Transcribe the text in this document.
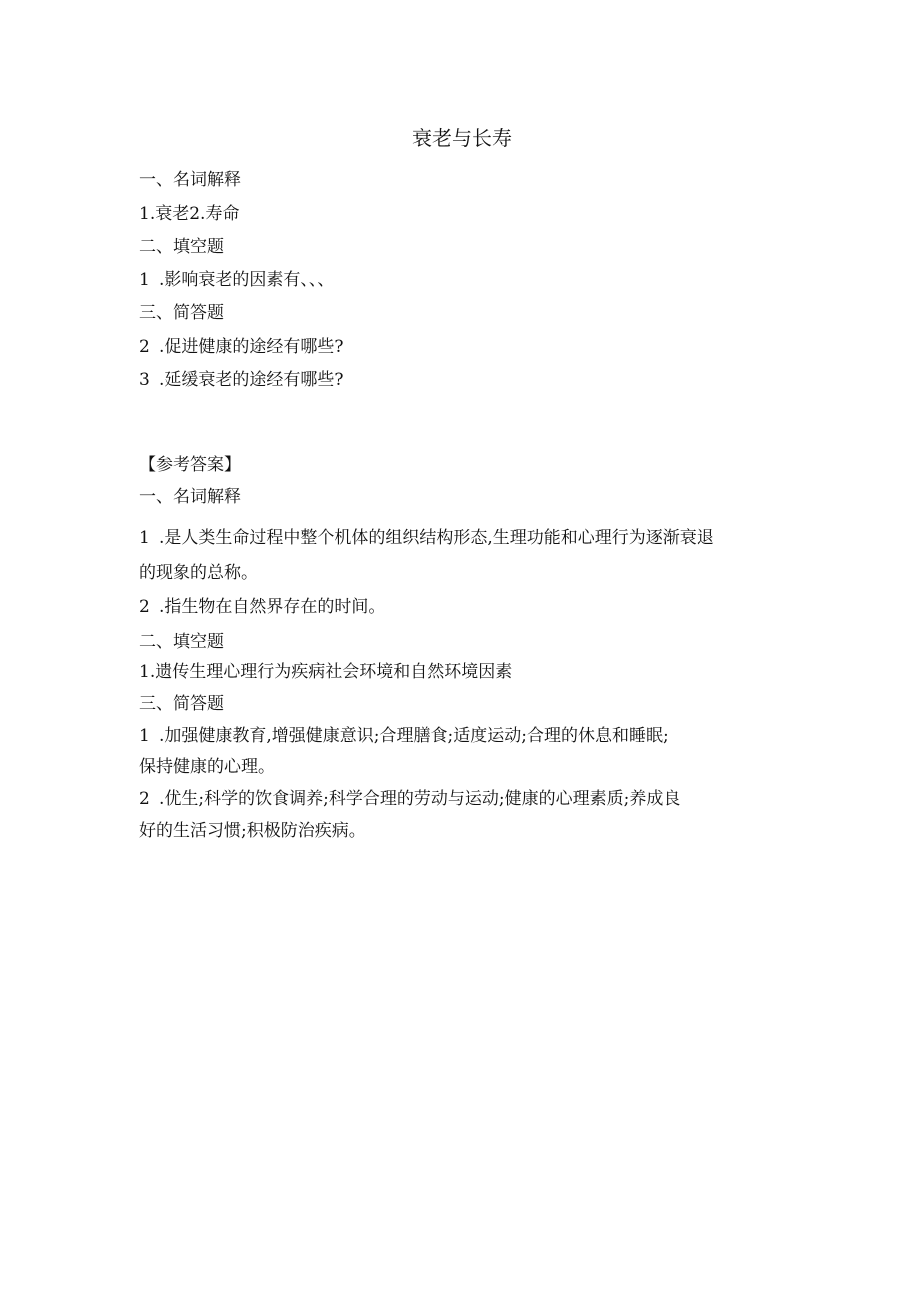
衰老与长寿
一、名词解释
1.衰老2.寿命
二、填空题
1 .影响衰老的因素有、、、
三、简答题
2 .促进健康的途经有哪些?
3 .延缓衰老的途经有哪些?
【参考答案】
一、名词解释
1 .是人类生命过程中整个机体的组织结构形态,生理功能和心理行为逐渐衰退
的现象的总称。
2 .指生物在自然界存在的时间。
二、填空题
1.遗传生理心理行为疾病社会环境和自然环境因素
三、简答题
1 .加强健康教育,增强健康意识;合理膳食;适度运动;合理的休息和睡眠;
保持健康的心理。
2 .优生;科学的饮食调养;科学合理的劳动与运动;健康的心理素质;养成良
好的生活习惯;积极防治疾病。
